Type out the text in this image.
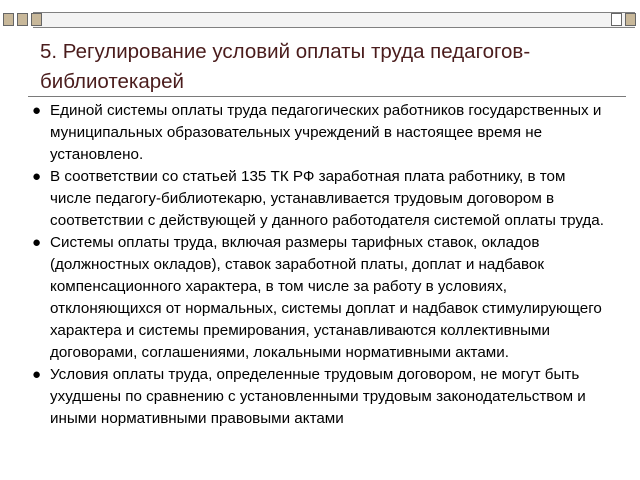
5. Регулирование условий оплаты труда педагогов-библиотекарей
● Единой системы оплаты труда педагогических работников государственных и муниципальных образовательных учреждений в настоящее время не установлено.
● В соответствии со статьей 135 ТК РФ заработная плата работнику, в том числе педагогу-библиотекарю, устанавливается трудовым договором в соответствии с действующей у данного работодателя системой оплаты труда.
● Системы оплаты труда, включая размеры тарифных ставок, окладов (должностных окладов), ставок заработной платы, доплат и надбавок компенсационного характера, в том числе за работу в условиях, отклоняющихся от нормальных, системы доплат и надбавок стимулирующего характера и системы премирования, устанавливаются коллективными договорами, соглашениями, локальными нормативными актами.
● Условия оплаты труда, определенные трудовым договором, не могут быть ухудшены по сравнению с установленными трудовым законодательством и иными нормативными правовыми актами
